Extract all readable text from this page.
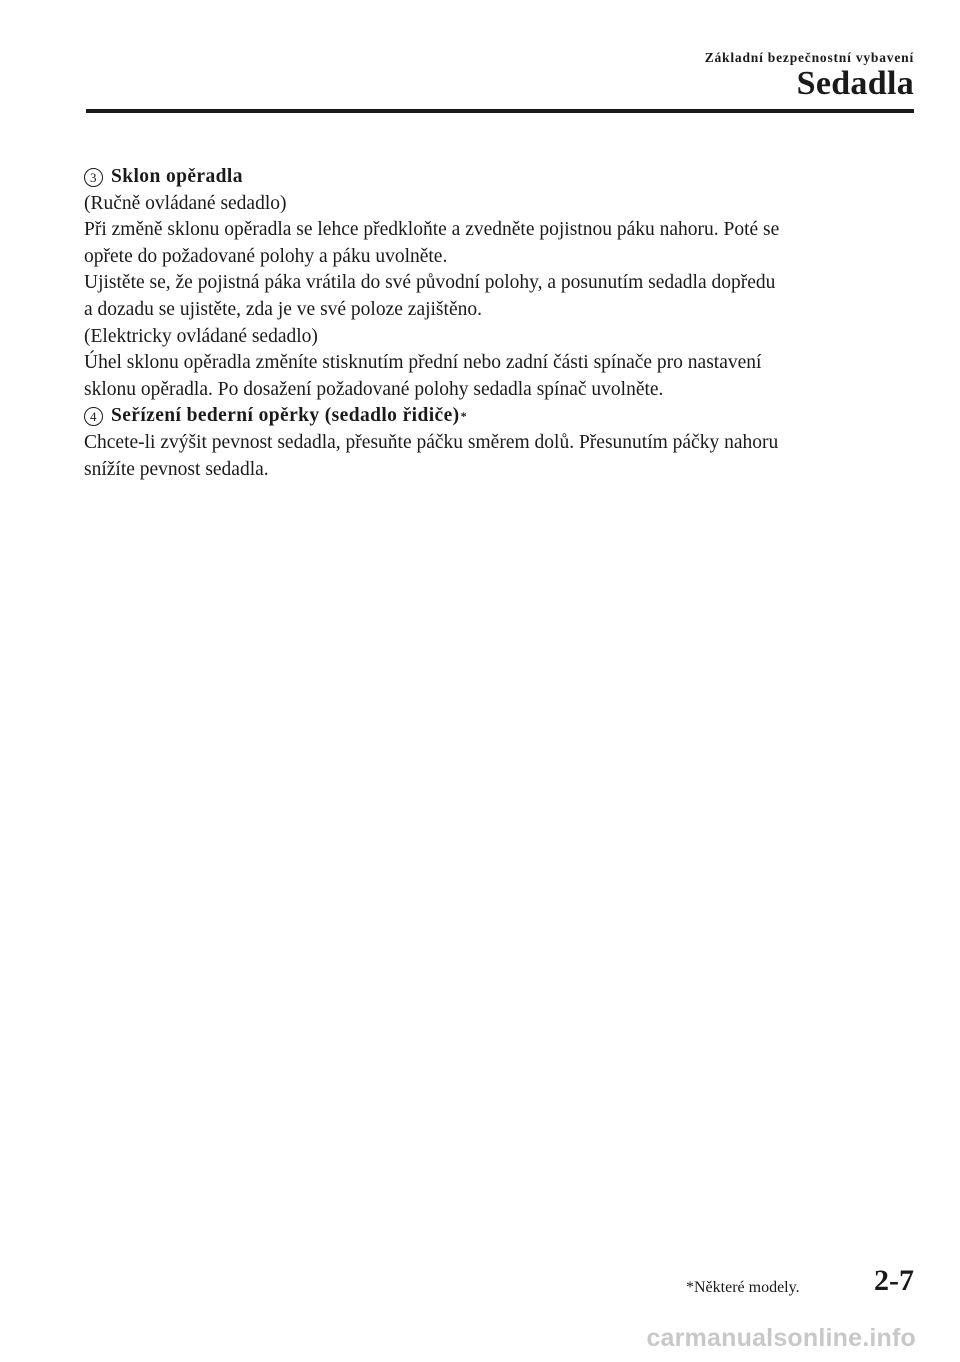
Základní bezpečnostní vybavení
Sedadla
3 Sklon opěradla
(Ručně ovládané sedadlo)
Při změně sklonu opěradla se lehce předkloňte a zvedněte pojistnou páku nahoru. Poté se
opřete do požadované polohy a páku uvolněte.
Ujistěte se, že pojistná páka vrátila do své původní polohy, a posunutím sedadla dopředu
a dozadu se ujistěte, zda je ve své poloze zajištěno.
(Elektricky ovládané sedadlo)
Úhel sklonu opěradla změníte stisknutím přední nebo zadní části spínače pro nastavení
sklonu opěradla. Po dosažení požadované polohy sedadla spínač uvolněte.
4 Seřízení bederní opěrky (sedadlo řidiče) *
Chcete-li zvýšit pevnost sedadla, přesuňte páčku směrem dolů. Přesunutím páčky nahoru
snížíte pevnost sedadla.
*Některé modely. 2-7
carmanualsonline.info
